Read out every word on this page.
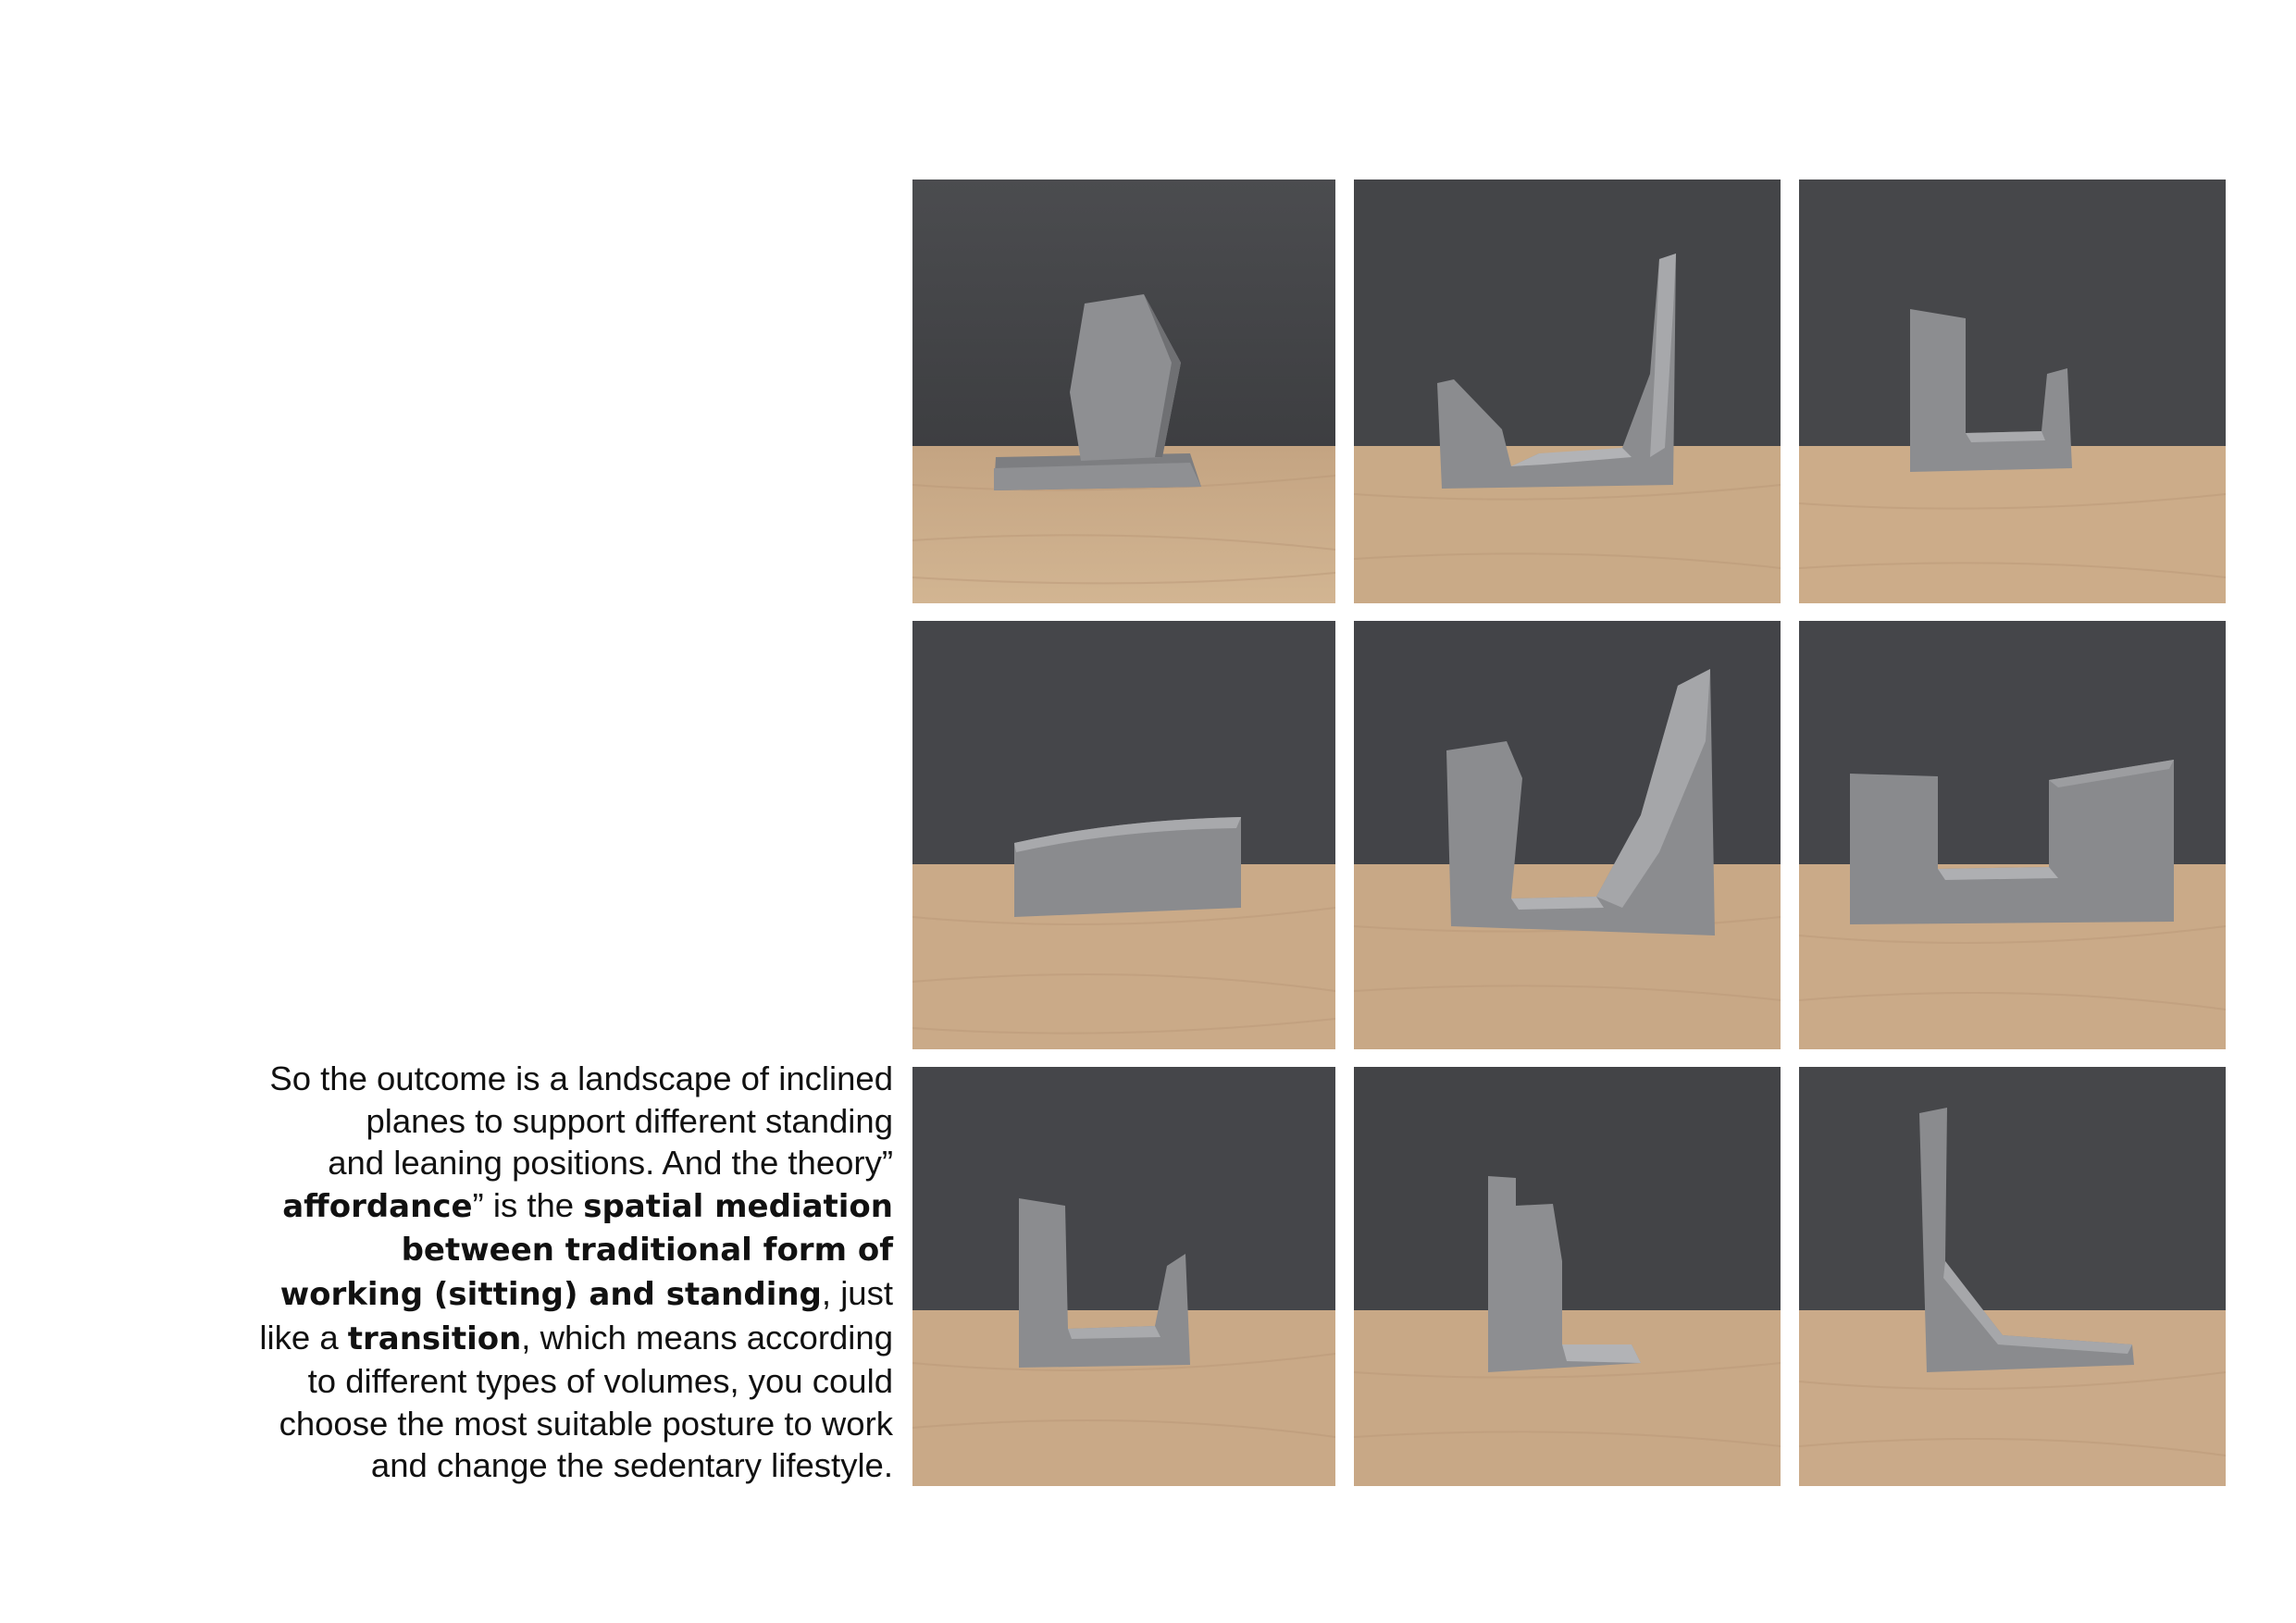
So the outcome is a landscape of inclined
planes to support different standing
and leaning positions. And the theory”
affordance” is the spatial mediation
between traditional form of
working (sitting) and standing, just
like a transition, which means according
to different types of volumes, you could
choose the most suitable posture to work
and change the sedentary lifestyle.
